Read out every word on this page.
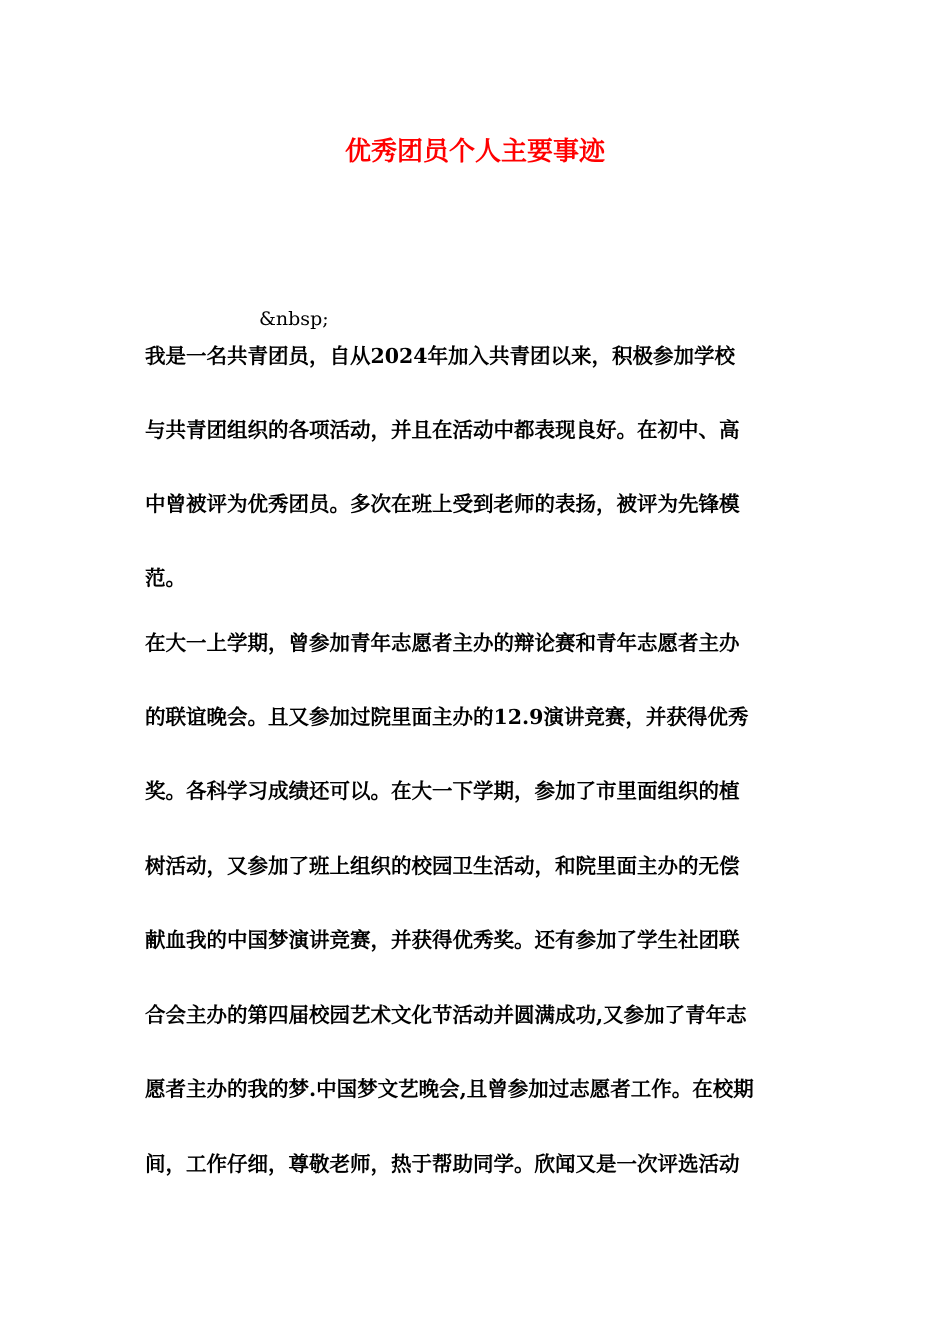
优秀团员个人主要事迹
&nbsp;
我是一名共青团员，自从2024年加入共青团以来，积极参加学校
与共青团组织的各项活动，并且在活动中都表现良好。在初中、高
中曾被评为优秀团员。多次在班上受到老师的表扬，被评为先锋模
范。
在大一上学期，曾参加青年志愿者主办的辩论赛和青年志愿者主办
的联谊晚会。且又参加过院里面主办的12.9演讲竞赛，并获得优秀
奖。各科学习成绩还可以。在大一下学期，参加了市里面组织的植
树活动，又参加了班上组织的校园卫生活动，和院里面主办的无偿
献血我的中国梦演讲竞赛，并获得优秀奖。还有参加了学生社团联
合会主办的第四届校园艺术文化节活动并圆满成功,又参加了青年志
愿者主办的我的梦.中国梦文艺晚会,且曾参加过志愿者工作。在校期
间，工作仔细，尊敬老师，热于帮助同学。欣闻又是一次评选活动
